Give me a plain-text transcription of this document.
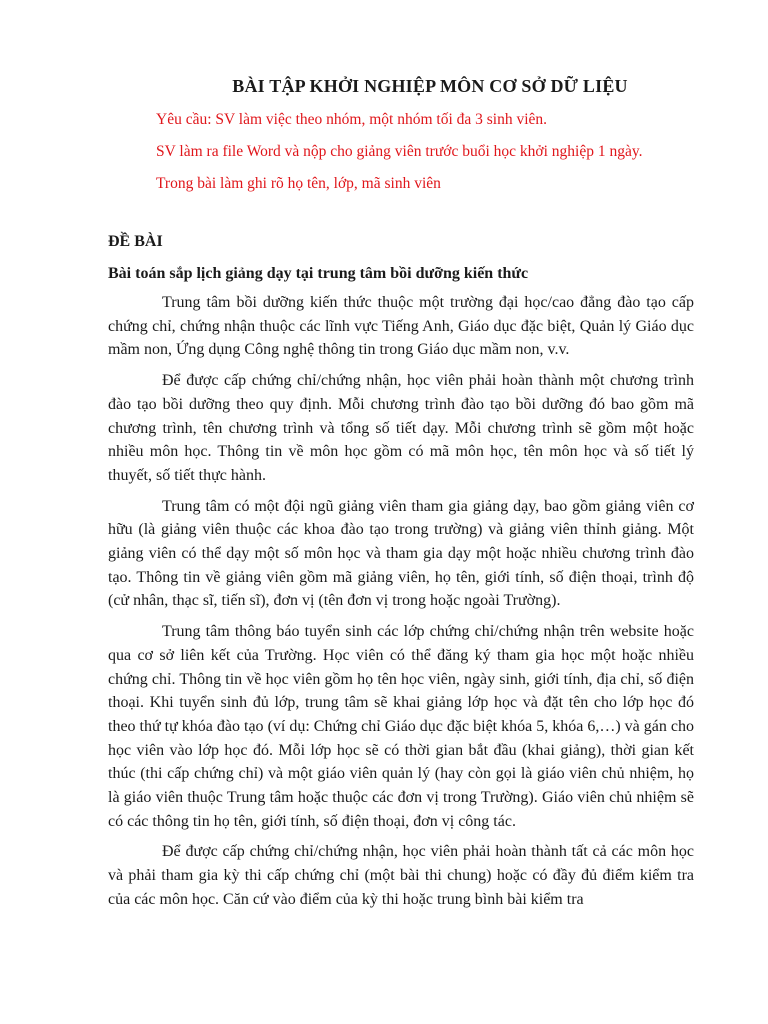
BÀI TẬP KHỞI NGHIỆP MÔN CƠ SỞ DỮ LIỆU

Yêu cầu: SV làm việc theo nhóm, một nhóm tối đa 3 sinh viên.

SV làm ra file Word và nộp cho giảng viên trước buổi học khởi nghiệp 1 ngày.

Trong bài làm ghi rõ họ tên, lớp, mã sinh viên

ĐỀ BÀI
Bài toán sắp lịch giảng dạy tại trung tâm bồi dưỡng kiến thức

Trung tâm bồi dưỡng kiến thức thuộc một trường đại học/cao đẳng đào tạo cấp chứng chỉ, chứng nhận thuộc các lĩnh vực Tiếng Anh, Giáo dục đặc biệt, Quản lý Giáo dục mầm non, Ứng dụng Công nghệ thông tin trong Giáo dục mầm non, v.v.

Để được cấp chứng chỉ/chứng nhận, học viên phải hoàn thành một chương trình đào tạo bồi dưỡng theo quy định. Mỗi chương trình đào tạo bồi dưỡng đó bao gồm mã chương trình, tên chương trình và tổng số tiết dạy. Mỗi chương trình sẽ gồm một hoặc nhiều môn học. Thông tin về môn học gồm có mã môn học, tên môn học và số tiết lý thuyết, số tiết thực hành.

Trung tâm có một đội ngũ giảng viên tham gia giảng dạy, bao gồm giảng viên cơ hữu (là giảng viên thuộc các khoa đào tạo trong trường) và giảng viên thỉnh giảng. Một giảng viên có thể dạy một số môn học và tham gia dạy một hoặc nhiều chương trình đào tạo. Thông tin về giảng viên gồm mã giảng viên, họ tên, giới tính, số điện thoại, trình độ (cử nhân, thạc sĩ, tiến sĩ), đơn vị (tên đơn vị trong hoặc ngoài Trường).

Trung tâm thông báo tuyển sinh các lớp chứng chỉ/chứng nhận trên website hoặc qua cơ sở liên kết của Trường. Học viên có thể đăng ký tham gia học một hoặc nhiều chứng chỉ. Thông tin về học viên gồm họ tên học viên, ngày sinh, giới tính, địa chỉ, số điện thoại. Khi tuyển sinh đủ lớp, trung tâm sẽ khai giảng lớp học và đặt tên cho lớp học đó theo thứ tự khóa đào tạo (ví dụ: Chứng chỉ Giáo dục đặc biệt khóa 5, khóa 6,…) và gán cho học viên vào lớp học đó. Mỗi lớp học sẽ có thời gian bắt đầu (khai giảng), thời gian kết thúc (thi cấp chứng chỉ) và một giáo viên quản lý (hay còn gọi là giáo viên chủ nhiệm, họ là giáo viên thuộc Trung tâm hoặc thuộc các đơn vị trong Trường). Giáo viên chủ nhiệm sẽ có các thông tin họ tên, giới tính, số điện thoại, đơn vị công tác.

Để được cấp chứng chỉ/chứng nhận, học viên phải hoàn thành tất cả các môn học và phải tham gia kỳ thi cấp chứng chỉ (một bài thi chung) hoặc có đầy đủ điểm kiểm tra của các môn học. Căn cứ vào điểm của kỳ thi hoặc trung bình bài kiểm tra
